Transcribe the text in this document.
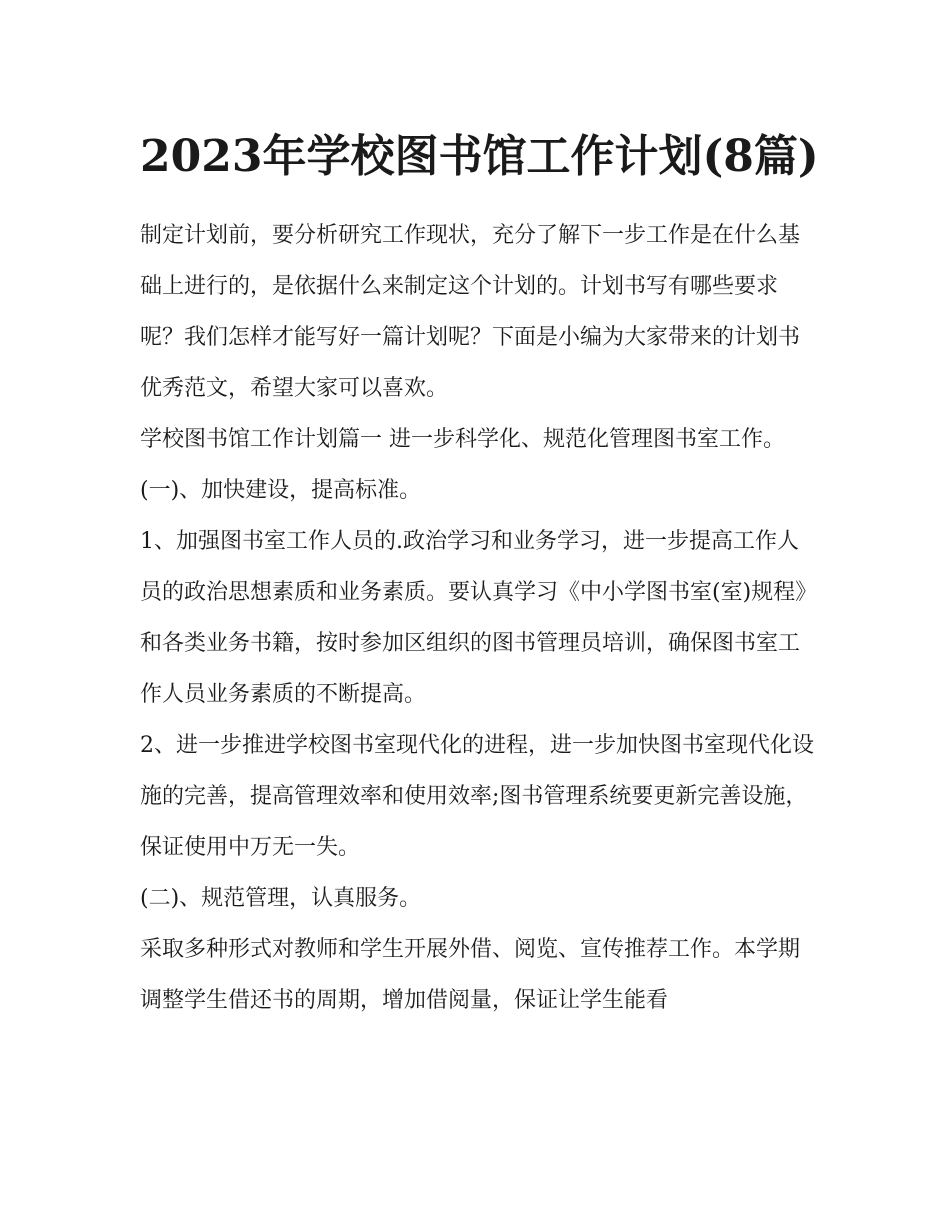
2023年学校图书馆工作计划(8篇)

制定计划前，要分析研究工作现状，充分了解下一步工作是在什么基础上进行的，是依据什么来制定这个计划的。计划书写有哪些要求呢？我们怎样才能写好一篇计划呢？下面是小编为大家带来的计划书优秀范文，希望大家可以喜欢。

学校图书馆工作计划篇一 进一步科学化、规范化管理图书室工作。 (一)、加快建设，提高标准。

1、加强图书室工作人员的.政治学习和业务学习，进一步提高工作人员的政治思想素质和业务素质。要认真学习《中小学图书室(室)规程》和各类业务书籍，按时参加区组织的图书管理员培训，确保图书室工作人员业务素质的不断提高。

2、进一步推进学校图书室现代化的进程，进一步加快图书室现代化设施的完善，提高管理效率和使用效率;图书管理系统要更新完善设施，保证使用中万无一失。

(二)、规范管理，认真服务。

采取多种形式对教师和学生开展外借、阅览、宣传推荐工作。本学期调整学生借还书的周期，增加借阅量，保证让学生能看
